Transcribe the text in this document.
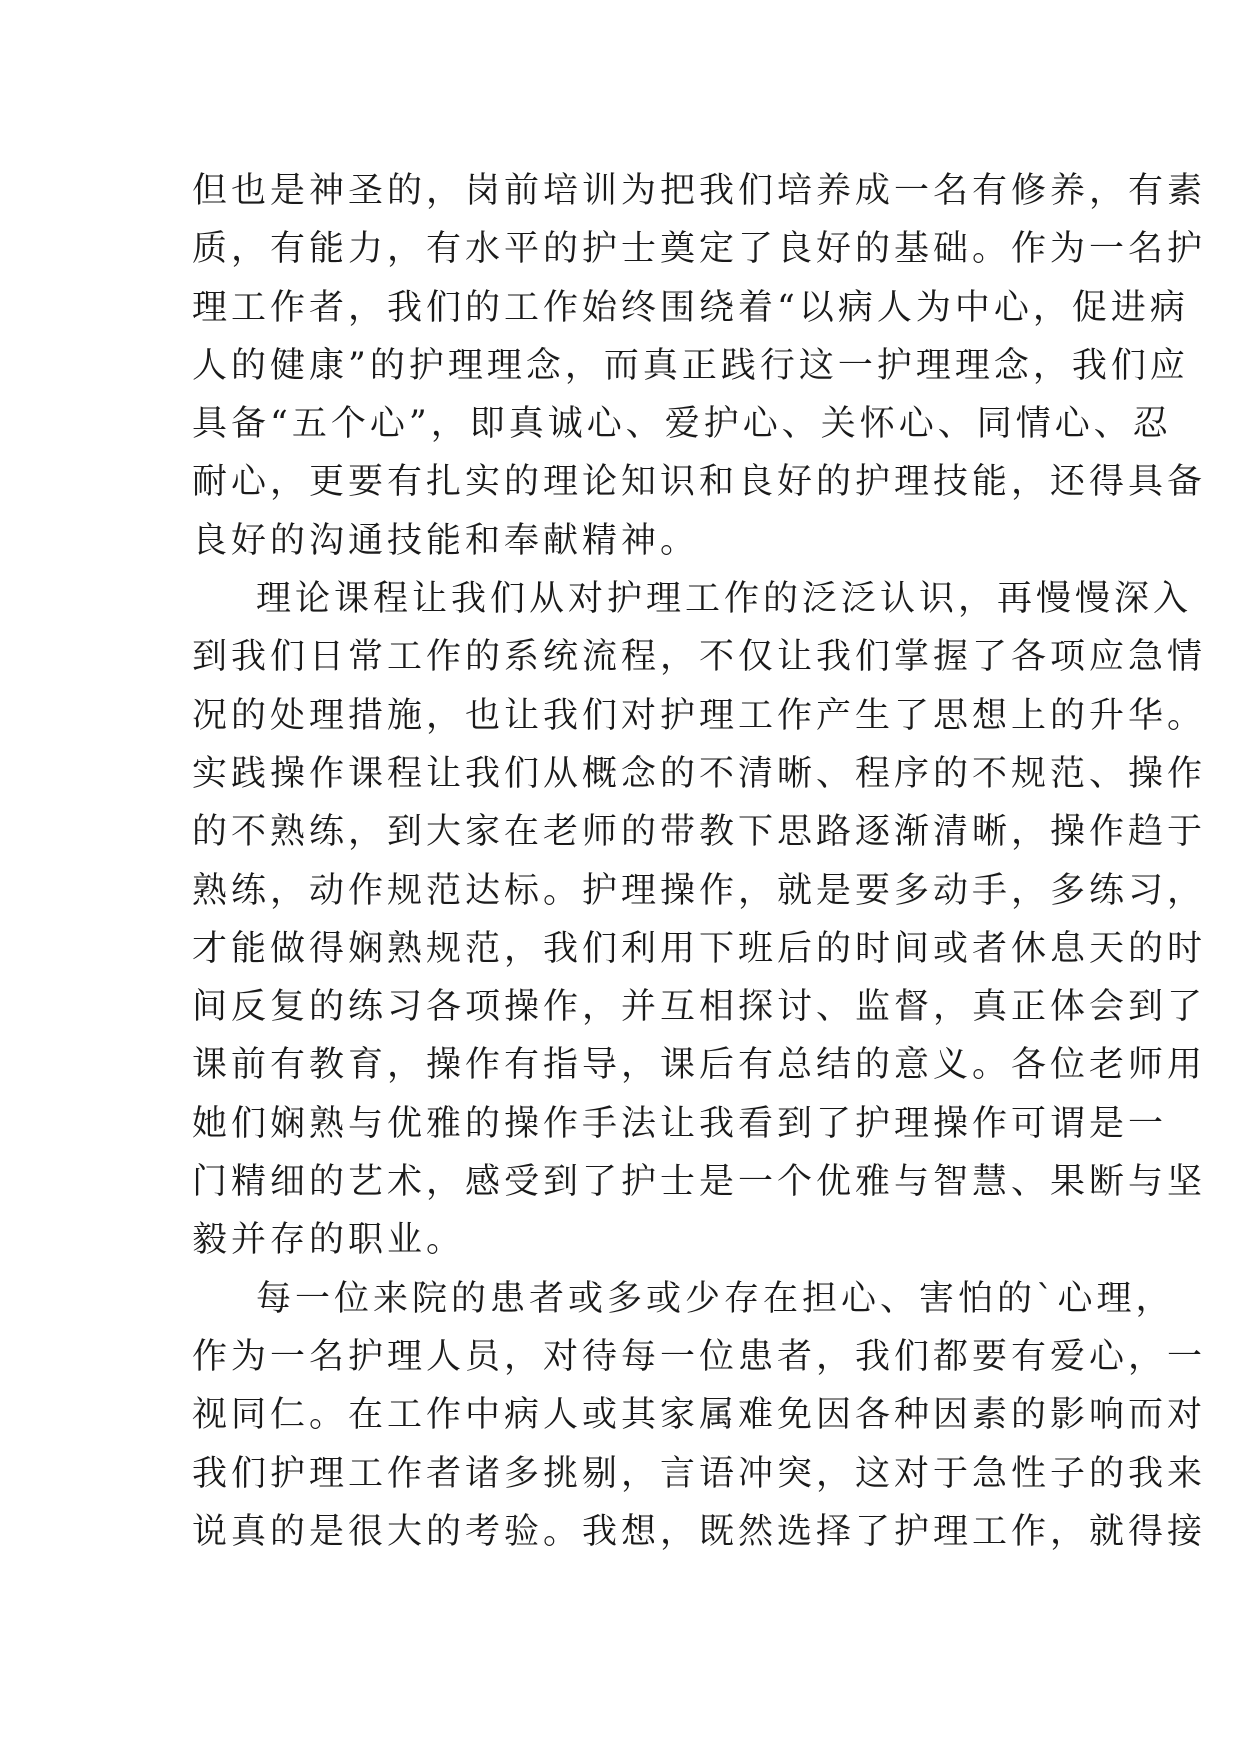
但也是神圣的，岗前培训为把我们培养成一名有修养，有素
质，有能力，有水平的护士奠定了良好的基础。作为一名护
理工作者，我们的工作始终围绕着“以病人为中心，促进病
人的健康”的护理理念，而真正践行这一护理理念，我们应
具备“五个心”，即真诚心、爱护心、关怀心、同情心、忍
耐心，更要有扎实的理论知识和良好的护理技能，还得具备
良好的沟通技能和奉献精神。
理论课程让我们从对护理工作的泛泛认识，再慢慢深入
到我们日常工作的系统流程，不仅让我们掌握了各项应急情
况的处理措施，也让我们对护理工作产生了思想上的升华。
实践操作课程让我们从概念的不清晰、程序的不规范、操作
的不熟练，到大家在老师的带教下思路逐渐清晰，操作趋于
熟练，动作规范达标。护理操作，就是要多动手，多练习，
才能做得娴熟规范，我们利用下班后的时间或者休息天的时
间反复的练习各项操作，并互相探讨、监督，真正体会到了
课前有教育，操作有指导，课后有总结的意义。各位老师用
她们娴熟与优雅的操作手法让我看到了护理操作可谓是一
门精细的艺术，感受到了护士是一个优雅与智慧、果断与坚
毅并存的职业。
每一位来院的患者或多或少存在担心、害怕的`心理，
作为一名护理人员，对待每一位患者，我们都要有爱心，一
视同仁。在工作中病人或其家属难免因各种因素的影响而对
我们护理工作者诸多挑剔，言语冲突，这对于急性子的我来
说真的是很大的考验。我想，既然选择了护理工作，就得接
